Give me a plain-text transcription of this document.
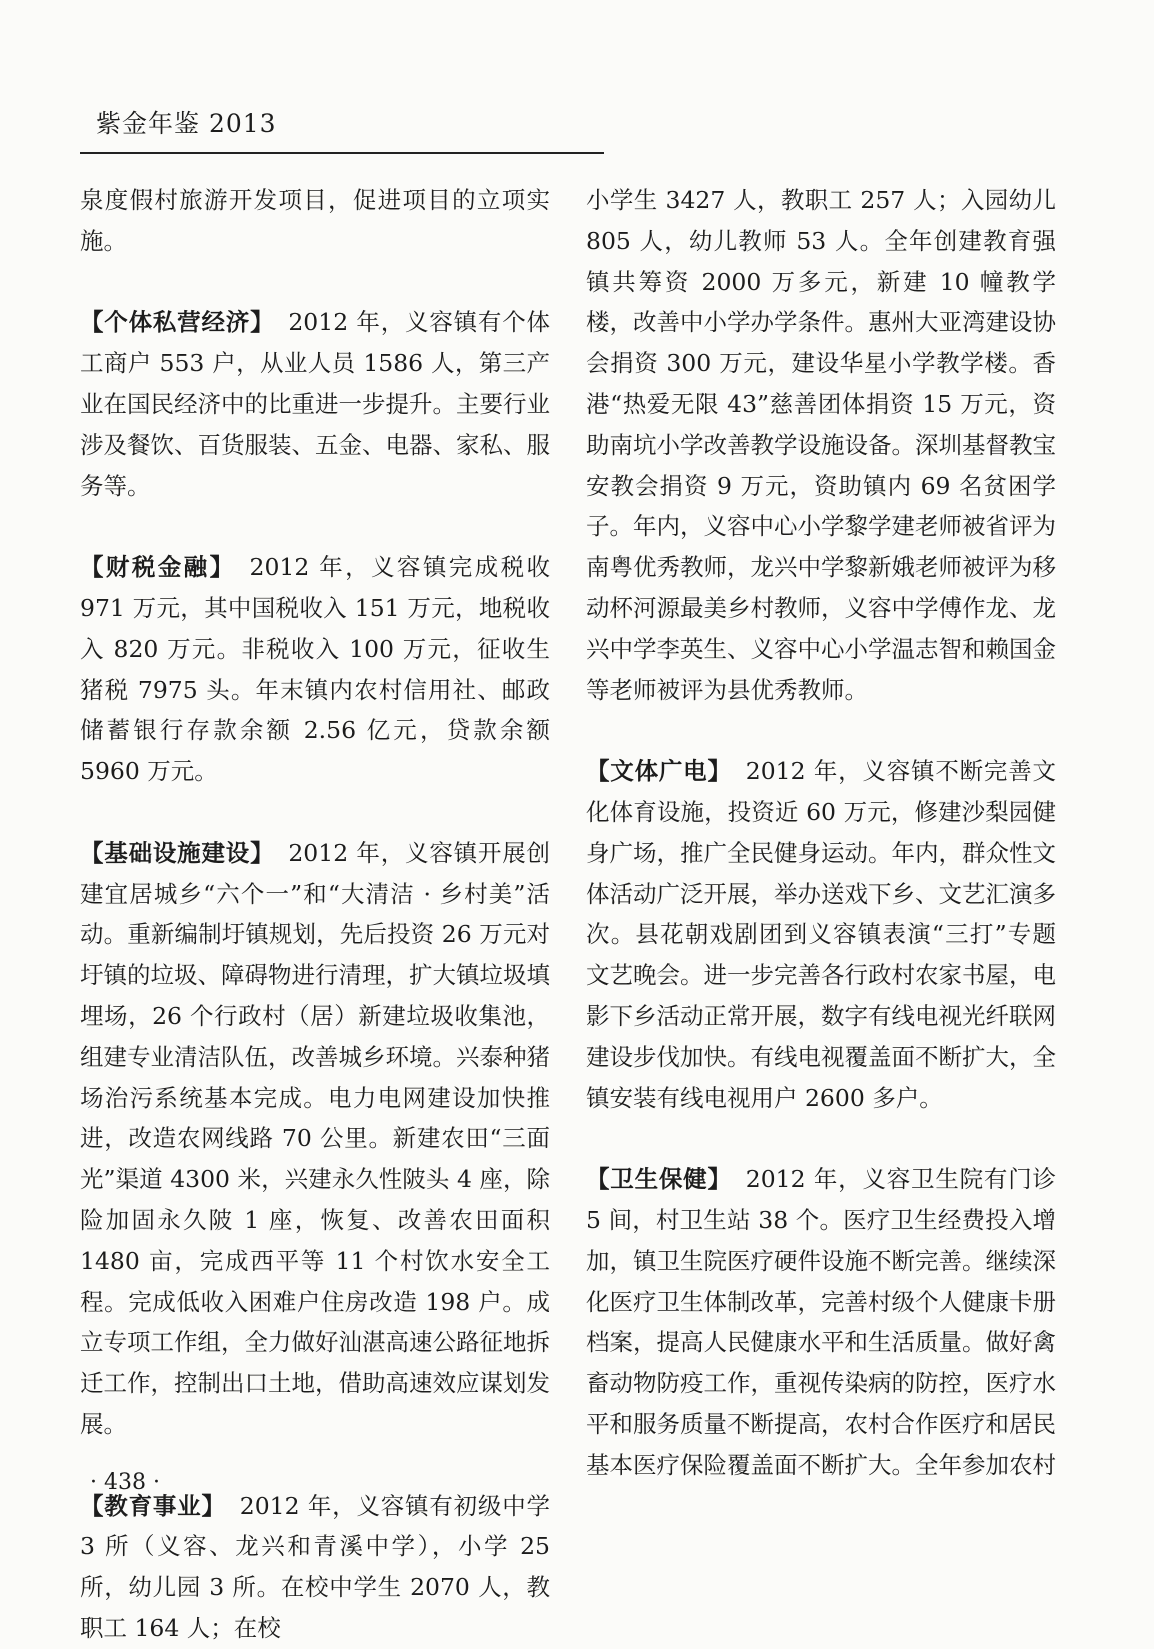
紫金年鉴 2013

泉度假村旅游开发项目，促进项目的立项实施。

【个体私营经济】 2012 年，义容镇有个体工商户 553 户，从业人员 1586 人，第三产业在国民经济中的比重进一步提升。主要行业涉及餐饮、百货服装、五金、电器、家私、服务等。

【财税金融】 2012 年，义容镇完成税收 971 万元，其中国税收入 151 万元，地税收入 820 万元。非税收入 100 万元，征收生猪税 7975 头。年末镇内农村信用社、邮政储蓄银行存款余额 2.56 亿元，贷款余额 5960 万元。

【基础设施建设】 2012 年，义容镇开展创建宜居城乡“六个一”和“大清洁 · 乡村美”活动。重新编制圩镇规划，先后投资 26 万元对圩镇的垃圾、障碍物进行清理，扩大镇垃圾填埋场，26 个行政村（居）新建垃圾收集池，组建专业清洁队伍，改善城乡环境。兴泰种猪场治污系统基本完成。电力电网建设加快推进，改造农网线路 70 公里。新建农田“三面光”渠道 4300 米，兴建永久性陂头 4 座，除险加固永久陂 1 座，恢复、改善农田面积 1480 亩，完成西平等 11 个村饮水安全工程。完成低收入困难户住房改造 198 户。成立专项工作组，全力做好汕湛高速公路征地拆迁工作，控制出口土地，借助高速效应谋划发展。

【教育事业】 2012 年，义容镇有初级中学 3 所（义容、龙兴和青溪中学），小学 25 所，幼儿园 3 所。在校中学生 2070 人，教职工 164 人；在校

小学生 3427 人，教职工 257 人；入园幼儿 805 人，幼儿教师 53 人。全年创建教育强镇共筹资 2000 万多元，新建 10 幢教学楼，改善中小学办学条件。惠州大亚湾建设协会捐资 300 万元，建设华星小学教学楼。香港“热爱无限 43”慈善团体捐资 15 万元，资助南坑小学改善教学设施设备。深圳基督教宝安教会捐资 9 万元，资助镇内 69 名贫困学子。年内，义容中心小学黎学建老师被省评为南粤优秀教师，龙兴中学黎新娥老师被评为移动杯河源最美乡村教师，义容中学傅作龙、龙兴中学李英生、义容中心小学温志智和赖国金等老师被评为县优秀教师。

【文体广电】 2012 年，义容镇不断完善文化体育设施，投资近 60 万元，修建沙梨园健身广场，推广全民健身运动。年内，群众性文体活动广泛开展，举办送戏下乡、文艺汇演多次。县花朝戏剧团到义容镇表演“三打”专题文艺晚会。进一步完善各行政村农家书屋，电影下乡活动正常开展，数字有线电视光纤联网建设步伐加快。有线电视覆盖面不断扩大，全镇安装有线电视用户 2600 多户。

【卫生保健】 2012 年，义容卫生院有门诊 5 间，村卫生站 38 个。医疗卫生经费投入增加，镇卫生院医疗硬件设施不断完善。继续深化医疗卫生体制改革，完善村级个人健康卡册档案，提高人民健康水平和生活质量。做好禽畜动物防疫工作，重视传染病的防控，医疗水平和服务质量不断提高，农村合作医疗和居民基本医疗保险覆盖面不断扩大。全年参加农村

· 438 ·
